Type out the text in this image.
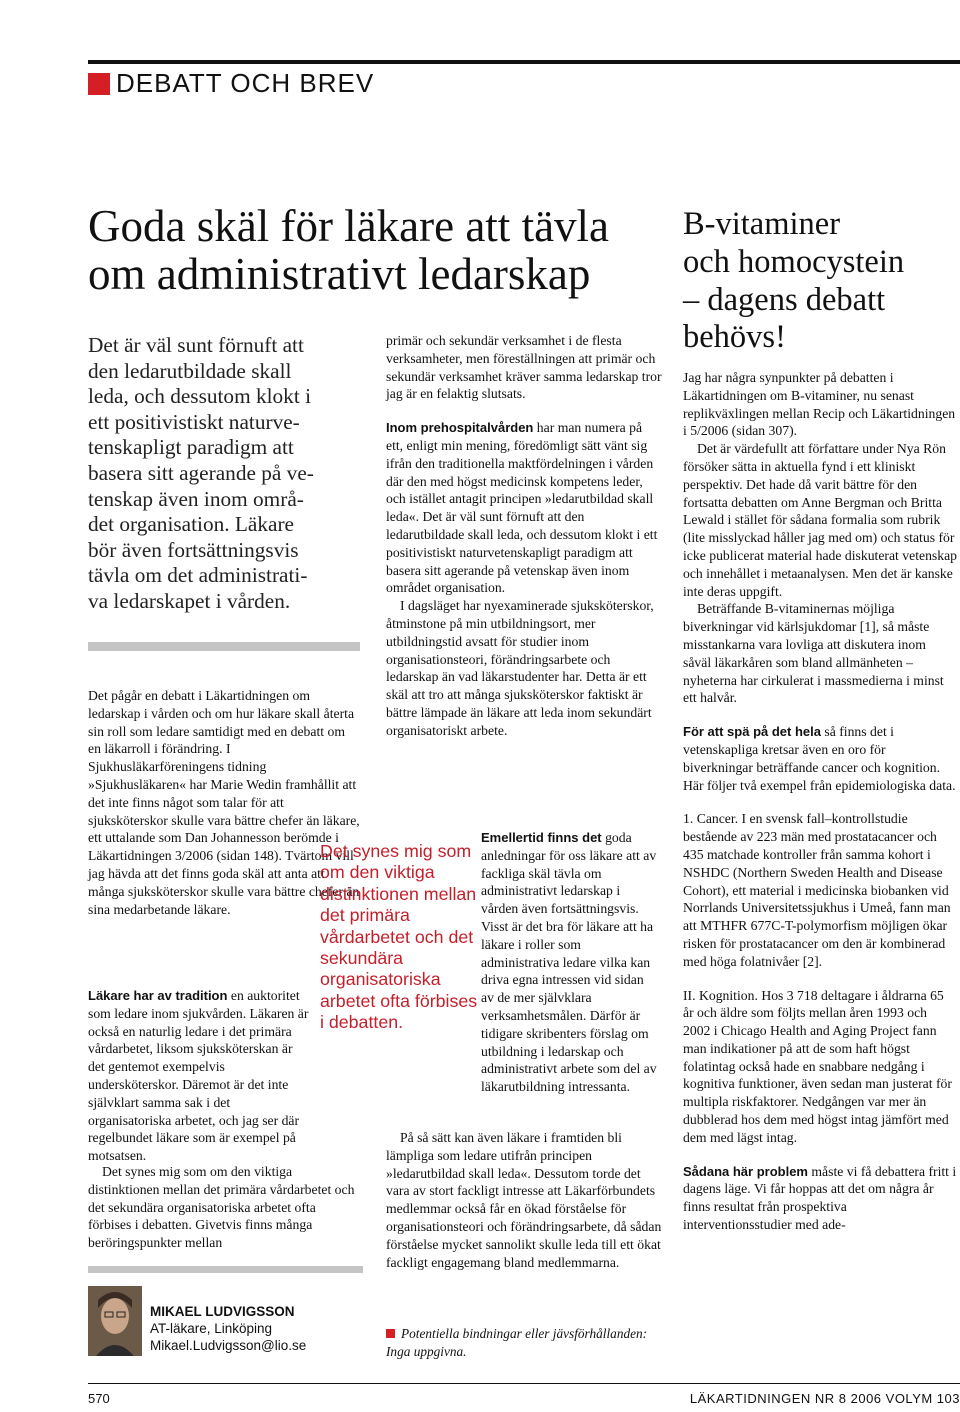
DEBATT OCH BREV
Goda skäl för läkare att tävla
om administrativt ledarskap
Det är väl sunt förnuft att
den ledarutbildade skall
leda, och dessutom klokt i
ett positivistiskt naturve-
tenskapligt paradigm att
basera sitt agerande på ve-
tenskap även inom områ-
det organisation. Läkare
bör även fortsättningsvis
tävla om det administrati-
va ledarskapet i vården.

Det pågår en debatt i Läkartidningen om ledarskap i vården och om hur läkare skall återta sin roll som ledare samtidigt med en debatt om en läkarroll i förändring. I Sjukhusläkarföreningens tidning »Sjukhusläkaren« har Marie Wedin framhållit att det inte finns något som talar för att sjuksköterskor skulle vara bättre chefer än läkare, ett uttalande som Dan Johannesson berömde i Läkartidningen 3/2006 (sidan 148). Tvärtom vill jag hävda att det finns goda skäl att anta att många sjuksköterskor skulle vara bättre chefer än sina medarbetande läkare.

Läkare har av tradition en auktoritet som ledare inom sjukvården. Läkaren är också en naturlig ledare i det primära vårdarbetet, liksom sjuksköterskan är det gentemot exempelvis undersköterskor. Däremot är det inte självklart samma sak i det organisatoriska arbetet, och jag ser där regelbundet läkare som är exempel på motsatsen.

Det synes mig som om den viktiga distinktionen mellan det primära vårdarbetet och det sekundära organisatoriska arbetet ofta förbises i debatten. Givetvis finns många beröringspunkter mellan

Det synes mig som om den viktiga distinktionen mellan det primära vårdarbetet och det sekundära organisatoriska arbetet ofta förbises i debatten.
MIKAEL LUDVIGSSON
AT-läkare, Linköping
Mikael.Ludvigsson@lio.se

primär och sekundär verksamhet i de flesta verksamheter, men föreställningen att primär och sekundär verksamhet kräver samma ledarskap tror jag är en felaktig slutsats.

Inom prehospitalvården har man numera på ett, enligt min mening, föredömligt sätt vänt sig ifrån den traditionella maktfördelningen i vården där den med högst medicinsk kompetens leder, och istället antagit principen »ledarutbildad skall leda«. Det är väl sunt förnuft att den ledarutbildade skall leda, och dessutom klokt i ett positivistiskt naturvetenskapligt paradigm att basera sitt agerande på vetenskap även inom området organisation.

I dagsläget har nyexaminerade sjuksköterskor, åtminstone på min utbildningsort, mer utbildningstid avsatt för studier inom organisationsteori, förändringsarbete och ledarskap än vad läkarstudenter har. Detta är ett skäl att tro att många sjuksköterskor faktiskt är bättre lämpade än läkare att leda inom sekundärt organisatoriskt arbete.

Emellertid finns det goda anledningar för oss läkare att av fackliga skäl tävla om administrativt ledarskap i vården även fortsättningsvis. Visst är det bra för läkare att ha läkare i roller som administrativa ledare vilka kan driva egna intressen vid sidan av de mer självklara verksamhetsmålen. Därför är tidigare skribenters förslag om utbildning i ledarskap och administrativt arbete som del av läkarutbildning intressanta.

På så sätt kan även läkare i framtiden bli lämpliga som ledare utifrån principen »ledarutbildad skall leda«. Dessutom torde det vara av stort fackligt intresse att Läkarförbundets medlemmar också får en ökad förståelse för organisationsteori och förändringsarbete, då sådan förståelse mycket sannolikt skulle leda till ett ökat fackligt engagemang bland medlemmarna.

Potentiella bindningar eller jävsförhållanden: Inga uppgivna.
B-vitaminer
och homocystein
– dagens debatt
behövs!

Jag har några synpunkter på debatten i Läkartidningen om B-vitaminer, nu senast replikväxlingen mellan Recip och Läkartidningen i 5/2006 (sidan 307).

Det är värdefullt att författare under Nya Rön försöker sätta in aktuella fynd i ett kliniskt perspektiv. Det hade då varit bättre för den fortsatta debatten om Anne Bergman och Britta Lewald i stället för sådana formalia som rubrik (lite misslyckad håller jag med om) och status för icke publicerat material hade diskuterat vetenskap och innehållet i metaanalysen. Men det är kanske inte deras uppgift.

Beträffande B-vitaminernas möjliga biverkningar vid kärlsjukdomar [1], så måste misstankarna vara lovliga att diskutera inom såväl läkarkåren som bland allmänheten – nyheterna har cirkulerat i massmedierna i minst ett halvår.

För att spä på det hela så finns det i vetenskapliga kretsar även en oro för biverkningar beträffande cancer och kognition. Här följer två exempel från epidemiologiska data.

1. Cancer. I en svensk fall–kontrollstudie bestående av 223 män med prostatacancer och 435 matchade kontroller från samma kohort i NSHDC (Northern Sweden Health and Disease Cohort), ett material i medicinska biobanken vid Norrlands Universitetssjukhus i Umeå, fann man att MTHFR 677C-T-polymorfism möjligen ökar risken för prostatacancer om den är kombinerad med höga folatnivåer [2].

II. Kognition. Hos 3 718 deltagare i åldrarna 65 år och äldre som följts mellan åren 1993 och 2002 i Chicago Health and Aging Project fann man indikationer på att de som haft högst folatintag också hade en snabbare nedgång i kognitiva funktioner, även sedan man justerat för multipla riskfaktorer. Nedgången var mer än dubblerad hos dem med högst intag jämfört med dem med lägst intag.

Sådana här problem måste vi få debattera fritt i dagens läge. Vi får hoppas att det om några år finns resultat från prospektiva interventionsstudier med ade-

570	LÄKARTIDNINGEN NR 8 2006 VOLYM 103
